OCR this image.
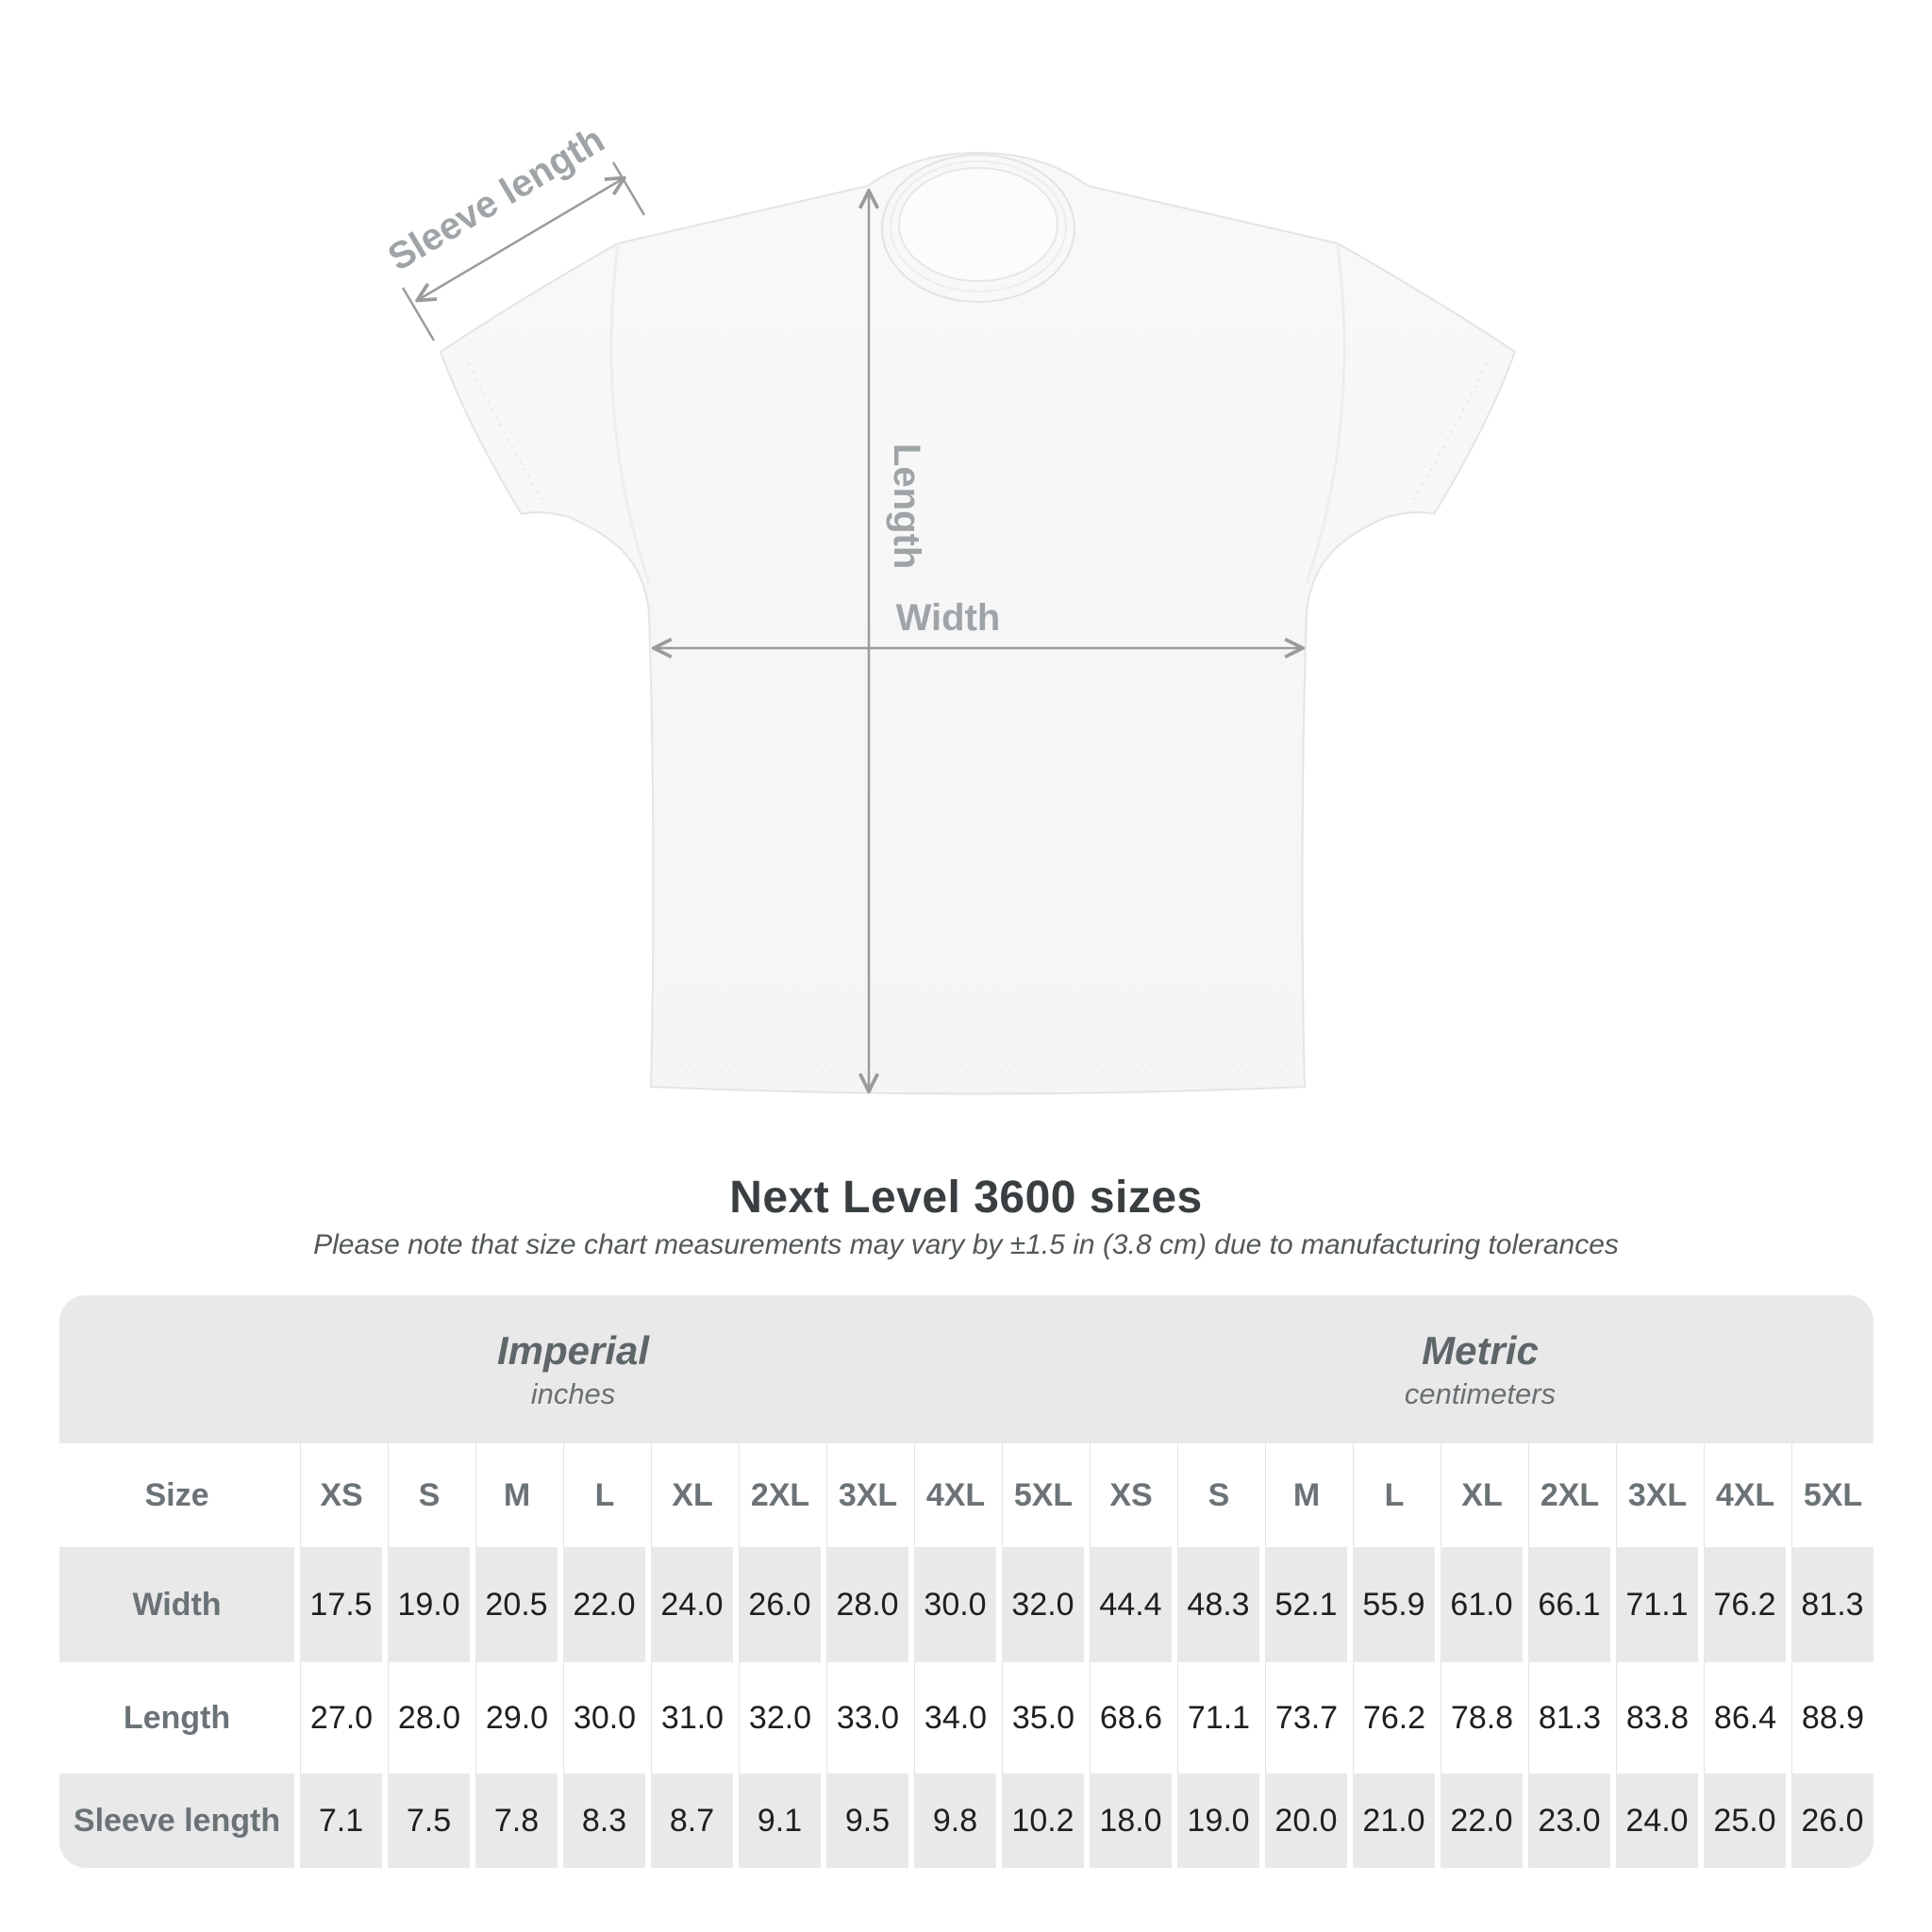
Sleeve length
Length
Width
Next Level 3600 sizes
Please note that size chart measurements may vary by ±1.5 in (3.8 cm) due to manufacturing tolerances
Imperial
inches
Metric
centimeters
Size	XS	S	M	L	XL	2XL 3XL 4XL 5XL	XS	S	M	L	XL	2XL 3XL 4XL 5XL
Width	17.5 19.0 20.5 22.0 24.0 26.0 28.0 30.0 32.0 44.4 48.3 52.1 55.9 61.0 66.1 71.1 76.2 81.3
Length	27.0 28.0 29.0 30.0 31.0 32.0 33.0 34.0 35.0 68.6 71.1 73.7 76.2 78.8 81.3 83.8 86.4 88.9
Sleeve length	7.1	7.5	7.8	8.3	8.7	9.1	9.5	9.8	10.2 18.0 19.0 20.0 21.0 22.0 23.0 24.0 25.0 26.0
